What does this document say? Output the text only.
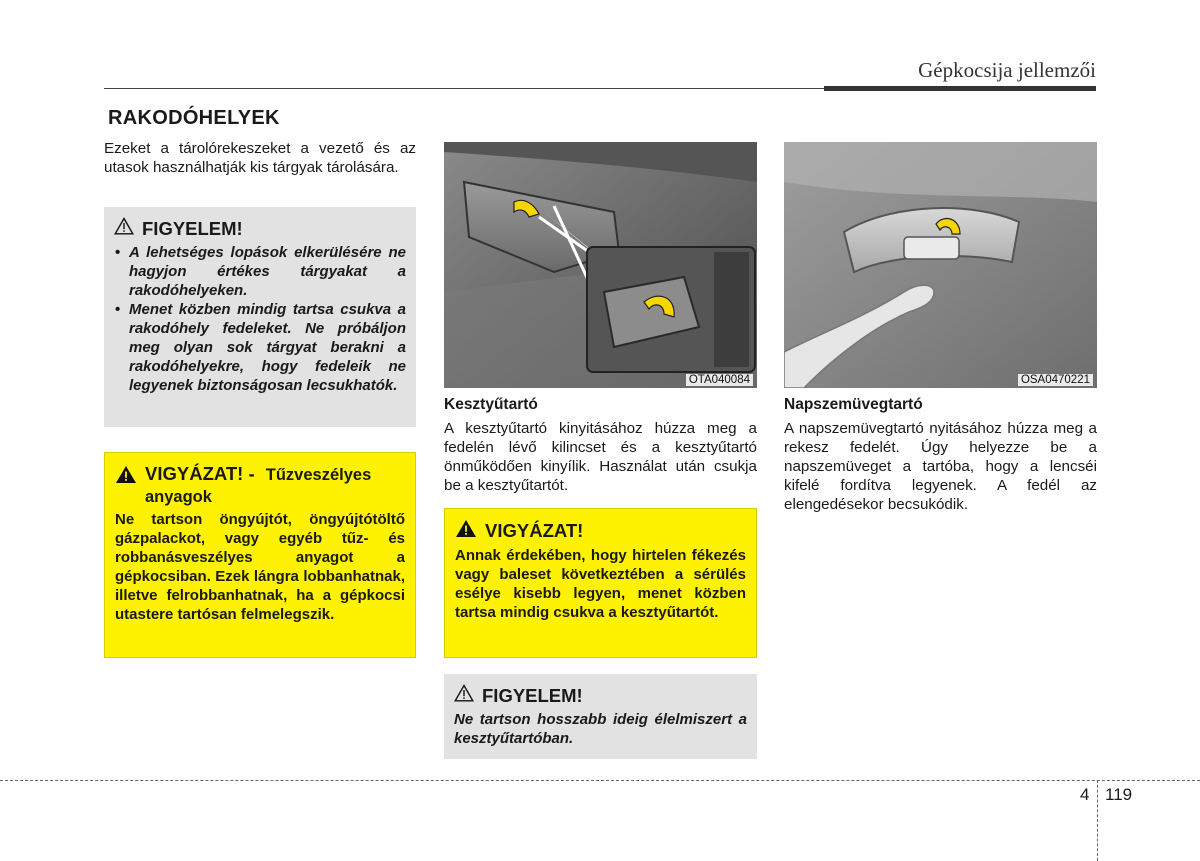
Gépkocsija jellemzői
RAKODÓHELYEK
Ezeket a tárolórekeszeket a vezető és az utasok használhatják kis tárgyak tárolására.
FIGYELEM!
• A lehetséges lopások elkerülésére ne hagyjon értékes tárgyakat a rakodóhelyeken.
• Menet közben mindig tartsa csukva a rakodóhely fedeleket. Ne próbáljon meg olyan sok tárgyat berakni a rakodóhelyekre, hogy fedeleik ne legyenek biztonságosan lecsukhatók.
VIGYÁZAT! - Tűzveszélyes anyagok
Ne tartson öngyújtót, öngyújtótöltő gázpalackot, vagy egyéb tűz- és robbanásveszélyes anyagot a gépkocsiban. Ezek lángra lobbanhatnak, illetve felrobbanhatnak, ha a gépkocsi utastere tartósan felmelegszik.
OTA040084
Kesztyűtartó
A kesztyűtartó kinyitásához húzza meg a fedelén lévő kilincset és a kesztyűtartó önműködően kinyílik. Használat után csukja be a kesztyűtartót.
VIGYÁZAT!
Annak érdekében, hogy hirtelen fékezés vagy baleset következtében a sérülés esélye kisebb legyen, menet közben tartsa mindig csukva a kesztyűtartót.
FIGYELEM!
Ne tartson hosszabb ideig élelmiszert a kesztyűtartóban.
OSA0470221
Napszemüvegtartó
A napszemüvegtartó nyitásához húzza meg a rekesz fedelét. Úgy helyezze be a napszemüveget a tartóba, hogy a lencséi kifelé fordítva legyenek. A fedél az elengedésekor becsukódik.
4 119
